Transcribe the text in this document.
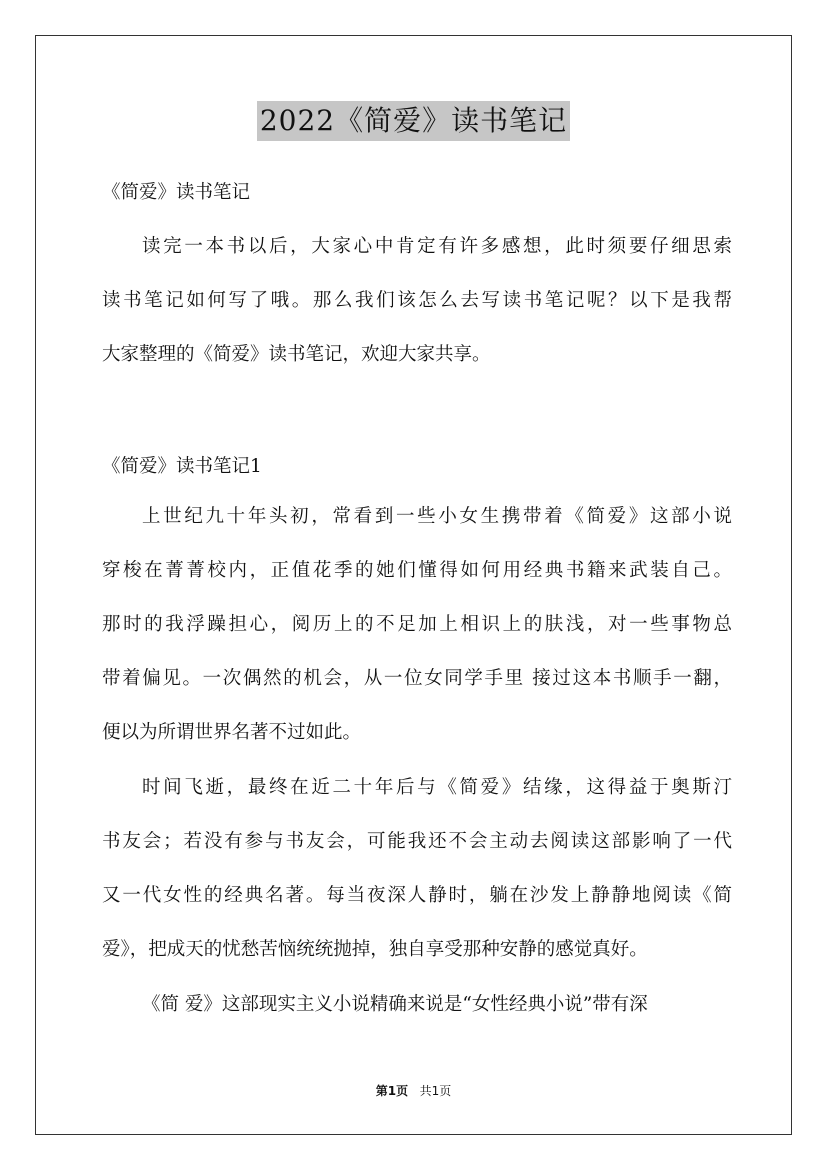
2022《简爱》读书笔记

《简爱》读书笔记

读完一本书以后，大家心中肯定有许多感想，此时须要仔细思索
读书笔记如何写了哦。那么我们该怎么去写读书笔记呢？以下是我帮
大家整理的《简爱》读书笔记，欢迎大家共享。

《简爱》读书笔记1

上世纪九十年头初，常看到一些小女生携带着《简爱》这部小说
穿梭在菁菁校内，正值花季的她们懂得如何用经典书籍来武装自己。
那时的我浮躁担心，阅历上的不足加上相识上的肤浅，对一些事物总
带着偏见。一次偶然的机会，从一位女同学手里 接过这本书顺手一翻，
便以为所谓世界名著不过如此。
时间飞逝，最终在近二十年后与《简爱》结缘，这得益于奥斯汀
书友会；若没有参与书友会，可能我还不会主动去阅读这部影响了一代
又一代女性的经典名著。每当夜深人静时，躺在沙发上静静地阅读《简
爱》，把成天的忧愁苦恼统统抛掉，独自享受那种安静的感觉真好。
《简 爱》这部现实主义小说精确来说是“女性经典小说”带有深
第1页 共1页
